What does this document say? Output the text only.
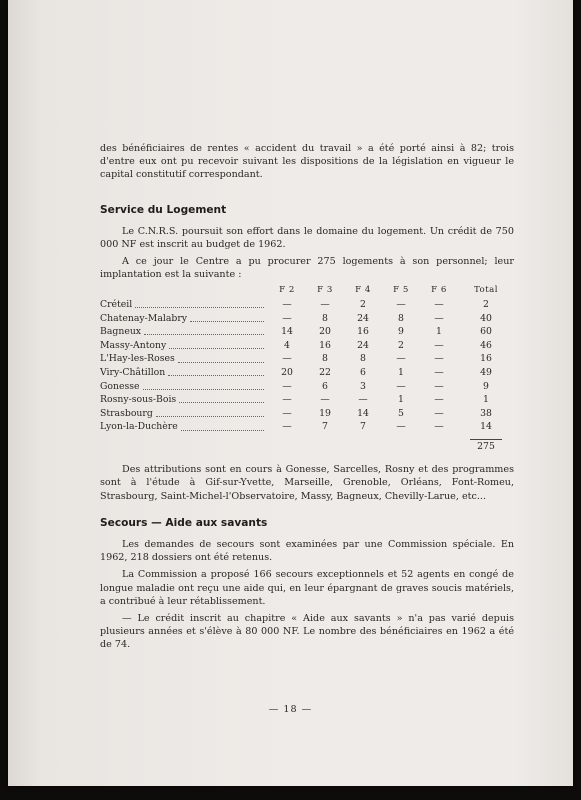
des bénéficiaires de rentes « accident du travail » a été porté ainsi à 82; trois d'entre eux ont pu recevoir suivant les dispositions de la législation en vigueur le capital constitutif correspondant.

Service du Logement

Le C.N.R.S. poursuit son effort dans le domaine du logement. Un crédit de 750 000 NF est inscrit au budget de 1962.

A ce jour le Centre a pu procurer 275 logements à son personnel; leur implantation est la suivante :

	F 2	F 3	F 4	F 5	F 6	Total

Créteil	—	—	2	—	—	2

Chatenay-Malabry	—	8	24	8	—	40

Bagneux	14	20	16	9	1	60

Massy-Antony	4	16	24	2	—	46

L'Hay-les-Roses	—	8	8	—	—	16

Viry-Châtillon	20	22	6	1	—	49

Gonesse	—	6	3	—	—	9

Rosny-sous-Bois	—	—	—	1	—	1

Strasbourg	—	19	14	5	—	38

Lyon-la-Duchère	—	7	7	—	—	14

						275

Des attributions sont en cours à Gonesse, Sarcelles, Rosny et des programmes sont à l'étude à Gif-sur-Yvette, Marseille, Grenoble, Orléans, Font-Romeu, Strasbourg, Saint-Michel-l'Observatoire, Massy, Bagneux, Chevilly-Larue, etc...

Secours — Aide aux savants

Les demandes de secours sont examinées par une Commission spéciale. En 1962, 218 dossiers ont été retenus.

La Commission a proposé 166 secours exceptionnels et 52 agents en congé de longue maladie ont reçu une aide qui, en leur épargnant de graves soucis matériels, a contribué à leur rétablissement.

— Le crédit inscrit au chapitre « Aide aux savants » n'a pas varié depuis plusieurs années et s'élève à 80 000 NF. Le nombre des bénéficiaires en 1962 a été de 74.

— 18 —
